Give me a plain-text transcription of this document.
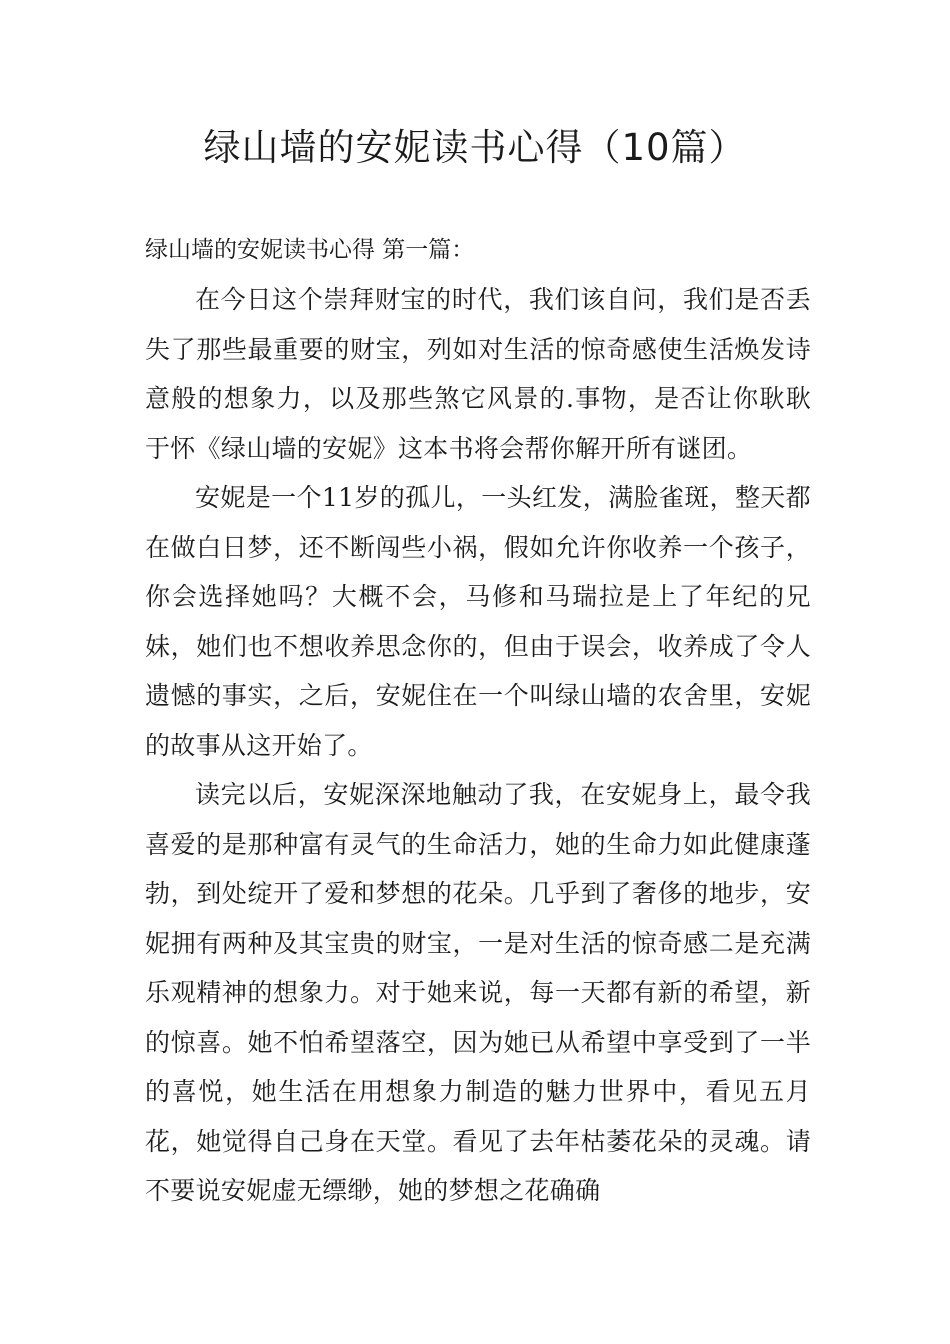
绿山墙的安妮读书心得（10篇）

绿山墙的安妮读书心得 第一篇：

在今日这个崇拜财宝的时代，我们该自问，我们是否丢失了那些最重要的财宝，列如对生活的惊奇感使生活焕发诗意般的想象力，以及那些煞它风景的.事物，是否让你耿耿于怀《绿山墙的安妮》这本书将会帮你解开所有谜团。

安妮是一个11岁的孤儿，一头红发，满脸雀斑，整天都在做白日梦，还不断闯些小祸，假如允许你收养一个孩子，你会选择她吗？大概不会，马修和马瑞拉是上了年纪的兄妹，她们也不想收养思念你的，但由于误会，收养成了令人遗憾的事实，之后，安妮住在一个叫绿山墙的农舍里，安妮的故事从这开始了。

读完以后，安妮深深地触动了我，在安妮身上，最令我喜爱的是那种富有灵气的生命活力，她的生命力如此健康蓬勃，到处绽开了爱和梦想的花朵。几乎到了奢侈的地步，安妮拥有两种及其宝贵的财宝，一是对生活的惊奇感二是充满乐观精神的想象力。对于她来说，每一天都有新的希望，新的惊喜。她不怕希望落空，因为她已从希望中享受到了一半的喜悦，她生活在用想象力制造的魅力世界中，看见五月花，她觉得自己身在天堂。看见了去年枯萎花朵的灵魂。请不要说安妮虚无缥缈，她的梦想之花确确
